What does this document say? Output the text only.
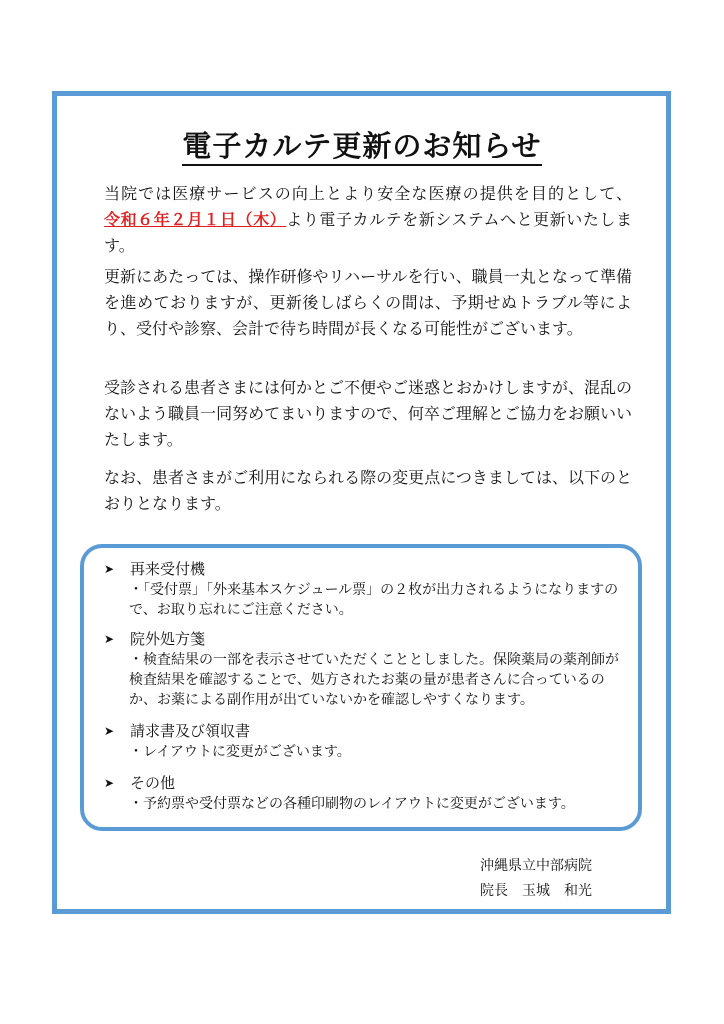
電子カルテ更新のお知らせ

当院では医療サービスの向上とより安全な医療の提供を目的として、令和６年２月１日（木）より電子カルテを新システムへと更新いたします。

更新にあたっては、操作研修やリハーサルを行い、職員一丸となって準備を進めておりますが、更新後しばらくの間は、予期せぬトラブル等により、受付や診察、会計で待ち時間が長くなる可能性がございます。

受診される患者さまには何かとご不便やご迷惑とおかけしますが、混乱のないよう職員一同努めてまいりますので、何卒ご理解とご協力をお願いいたします。

なお、患者さまがご利用になられる際の変更点につきましては、以下のとおりとなります。

➤	再来受付機
・「受付票」「外来基本スケジュール票」の２枚が出力されるようになりますので、お取り忘れにご注意ください。
➤	院外処方箋
・検査結果の一部を表示させていただくこととしました。保険薬局の薬剤師が検査結果を確認することで、処方されたお薬の量が患者さんに合っているのか、お薬による副作用が出ていないかを確認しやすくなります。
➤	請求書及び領収書
・レイアウトに変更がございます。
➤	その他
・予約票や受付票などの各種印刷物のレイアウトに変更がございます。
沖縄県立中部病院
院長　玉城　和光
